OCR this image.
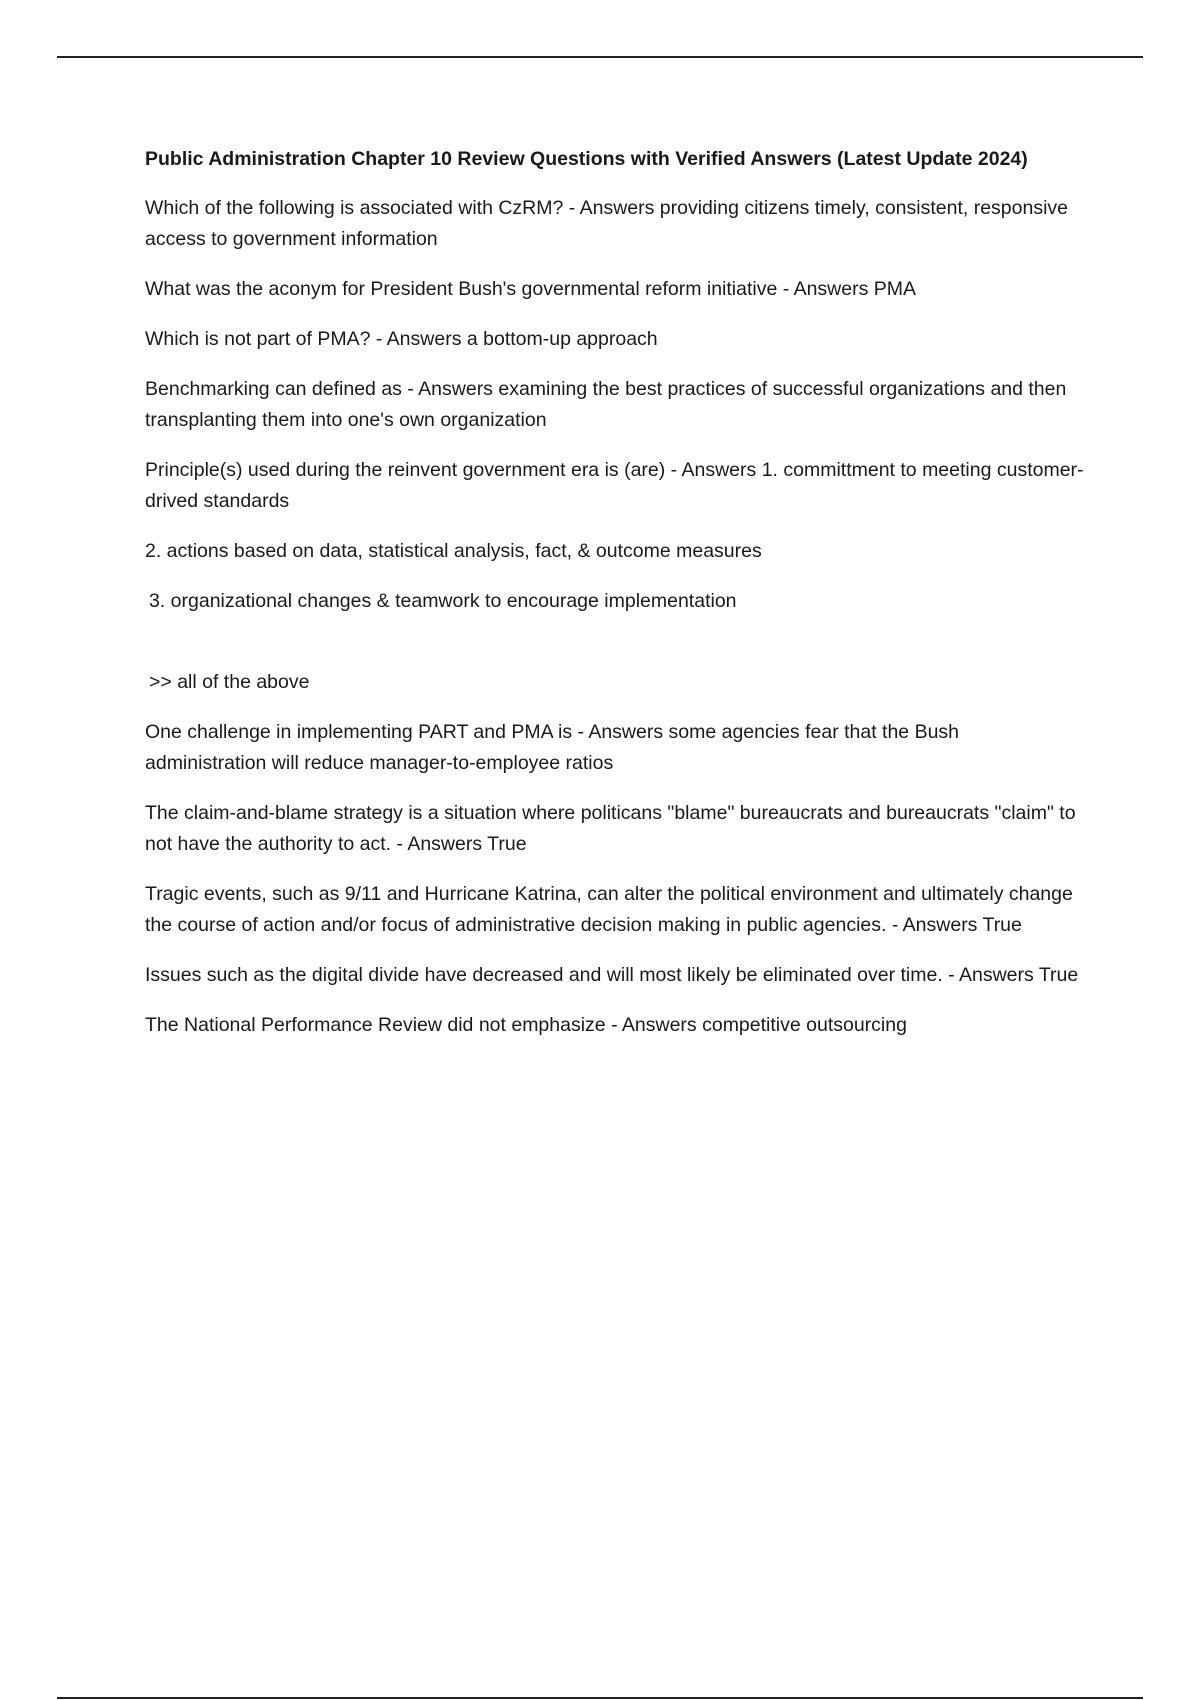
Public Administration Chapter 10 Review Questions with Verified Answers (Latest Update 2024)

Which of the following is associated with CzRM? - Answers providing citizens timely, consistent, responsive access to government information

What was the aconym for President Bush's governmental reform initiative - Answers PMA

Which is not part of PMA? - Answers a bottom-up approach

Benchmarking can defined as - Answers examining the best practices of successful organizations and then transplanting them into one's own organization

Principle(s) used during the reinvent government era is (are) - Answers 1. committment to meeting customer-drived standards

2. actions based on data, statistical analysis, fact, & outcome measures

3. organizational changes & teamwork to encourage implementation

>> all of the above

One challenge in implementing PART and PMA is - Answers some agencies fear that the Bush administration will reduce manager-to-employee ratios

The claim-and-blame strategy is a situation where politicans "blame" bureaucrats and bureaucrats "claim" to not have the authority to act. - Answers True

Tragic events, such as 9/11 and Hurricane Katrina, can alter the political environment and ultimately change the course of action and/or focus of administrative decision making in public agencies. - Answers True

Issues such as the digital divide have decreased and will most likely be eliminated over time. - Answers True

The National Performance Review did not emphasize - Answers competitive outsourcing
